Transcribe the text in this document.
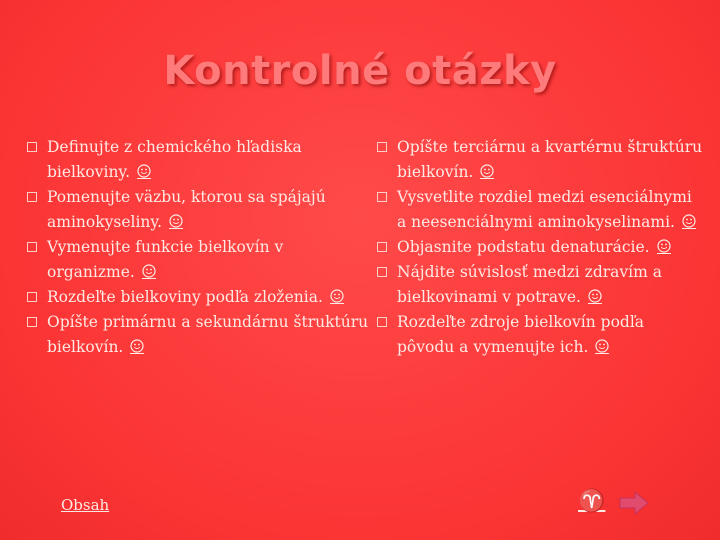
Kontrolné otázky
Definujte z chemického hľadiska
bielkoviny.
Pomenujte väzbu, ktorou sa spájajú
aminokyseliny.
Vymenujte funkcie bielkovín v
organizme.
Rozdeľte bielkoviny podľa zloženia.
Opíšte primárnu a sekundárnu štruktúru
bielkovín.
Opíšte terciárnu a kvartérnu štruktúru
bielkovín.
Vysvetlite rozdiel medzi esenciálnymi
a neesenciálnymi aminokyselinami.
Objasnite podstatu denaturácie.
Nájdite súvislosť medzi zdravím a
bielkovinami v potrave.
Rozdeľte zdroje bielkovín podľa
pôvodu a vymenujte ich.
Obsah	♈
